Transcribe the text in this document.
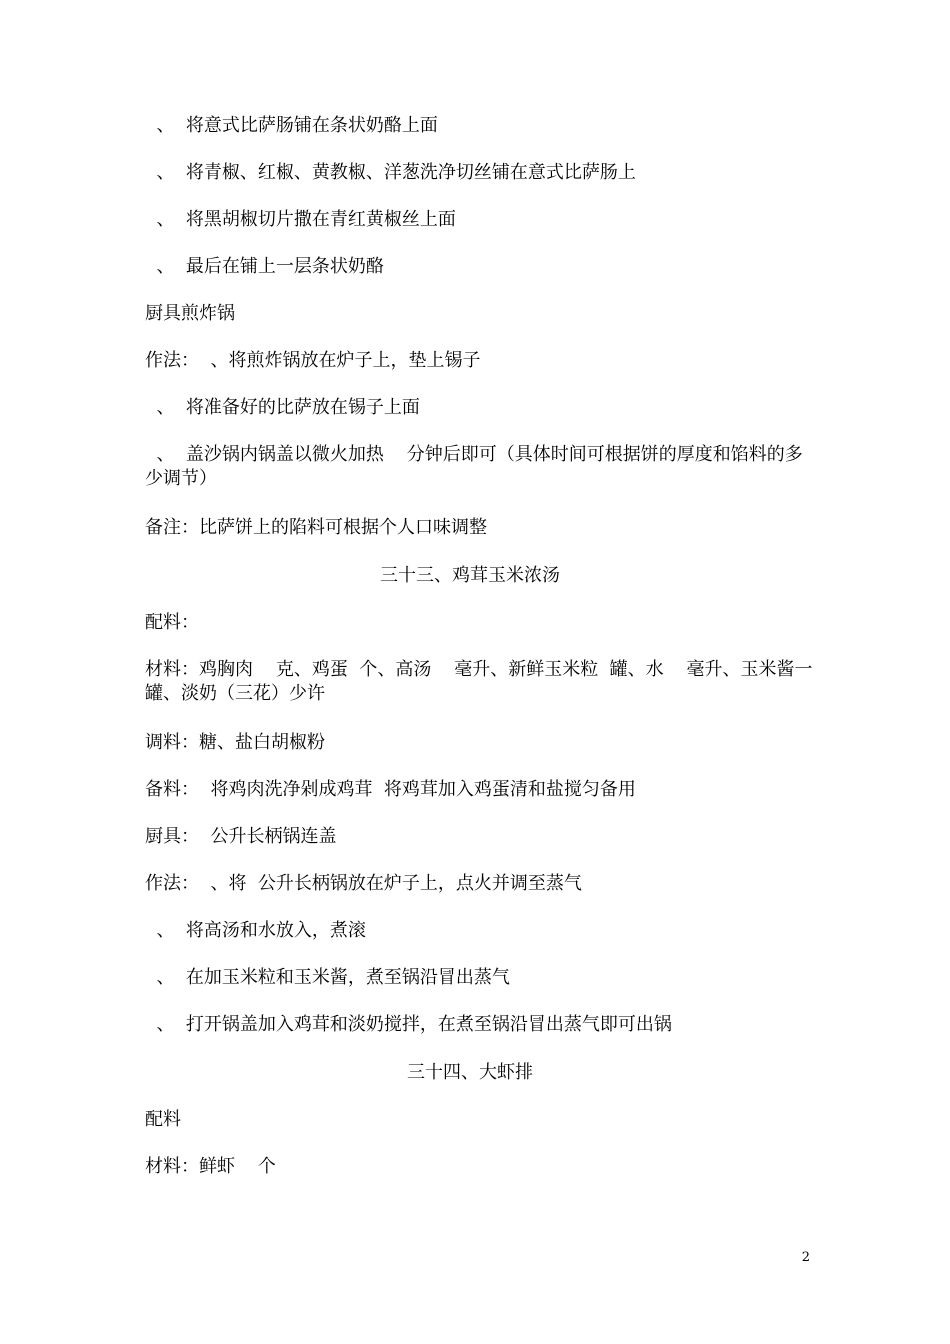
、  将意式比萨肠铺在条状奶酪上面
、  将青椒、红椒、黄教椒、洋葱洗净切丝铺在意式比萨肠上
、  将黑胡椒切片撒在青红黄椒丝上面
、  最后在铺上一层条状奶酪
厨具煎炸锅
作法：  、将煎炸锅放在炉子上，垫上锡子
、  将准备好的比萨放在锡子上面
、  盖沙锅内锅盖以微火加热    分钟后即可（具体时间可根据饼的厚度和馅料的多少调节）
备注：比萨饼上的陷料可根据个人口味调整
三十三、鸡茸玉米浓汤
配料：
材料：鸡胸肉    克、鸡蛋  个、高汤    毫升、新鲜玉米粒  罐、水    毫升、玉米酱一罐、淡奶（三花）少许
调料：糖、盐白胡椒粉
备料：  将鸡肉洗净剁成鸡茸  将鸡茸加入鸡蛋清和盐搅匀备用
厨具：  公升长柄锅连盖
作法：  、将  公升长柄锅放在炉子上，点火并调至蒸气
、  将高汤和水放入，煮滚
、  在加玉米粒和玉米酱，煮至锅沿冒出蒸气
、  打开锅盖加入鸡茸和淡奶搅拌，在煮至锅沿冒出蒸气即可出锅
三十四、大虾排
配料
材料：鲜虾    个
2
